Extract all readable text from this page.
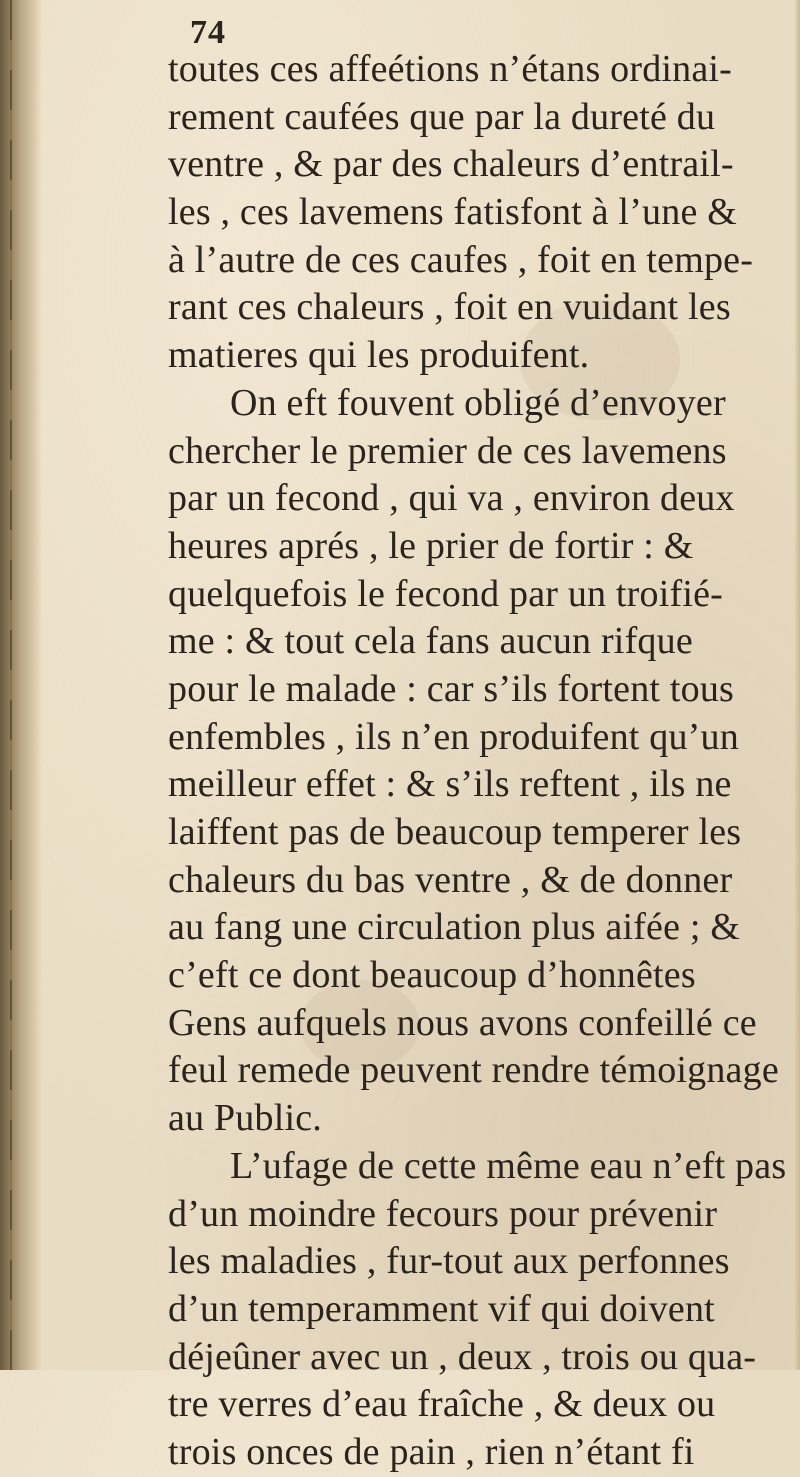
74
toutes ces affeétions n’étans ordinai-
rement caufées que par la dureté du
ventre , & par des chaleurs d’entrail-
les , ces lavemens fatisfont à l’une &
à l’autre de ces caufes , foit en tempe-
rant ces chaleurs , foit en vuidant les
matieres qui les produifent.
On eft fouvent obligé d’envoyer
chercher le premier de ces lavemens
par un fecond , qui va , environ deux
heures aprés , le prier de fortir : &
quelquefois le fecond par un troifié-
me : & tout cela fans aucun rifque
pour le malade : car s’ils fortent tous
enfembles , ils n’en produifent qu’un
meilleur effet : & s’ils reftent , ils ne
laiffent pas de beaucoup temperer les
chaleurs du bas ventre , & de donner
au fang une circulation plus aifée ; &
c’eft ce dont beaucoup d’honnêtes
Gens aufquels nous avons confeillé ce
feul remede peuvent rendre témoignage
au Public.
L’ufage de cette même eau n’eft pas
d’un moindre fecours pour prévenir
les maladies , fur-tout aux perfonnes
d’un temperamment vif qui doivent
déjeûner avec un , deux , trois ou qua-
tre verres d’eau fraîche , & deux ou
trois onces de pain , rien n’étant fi
